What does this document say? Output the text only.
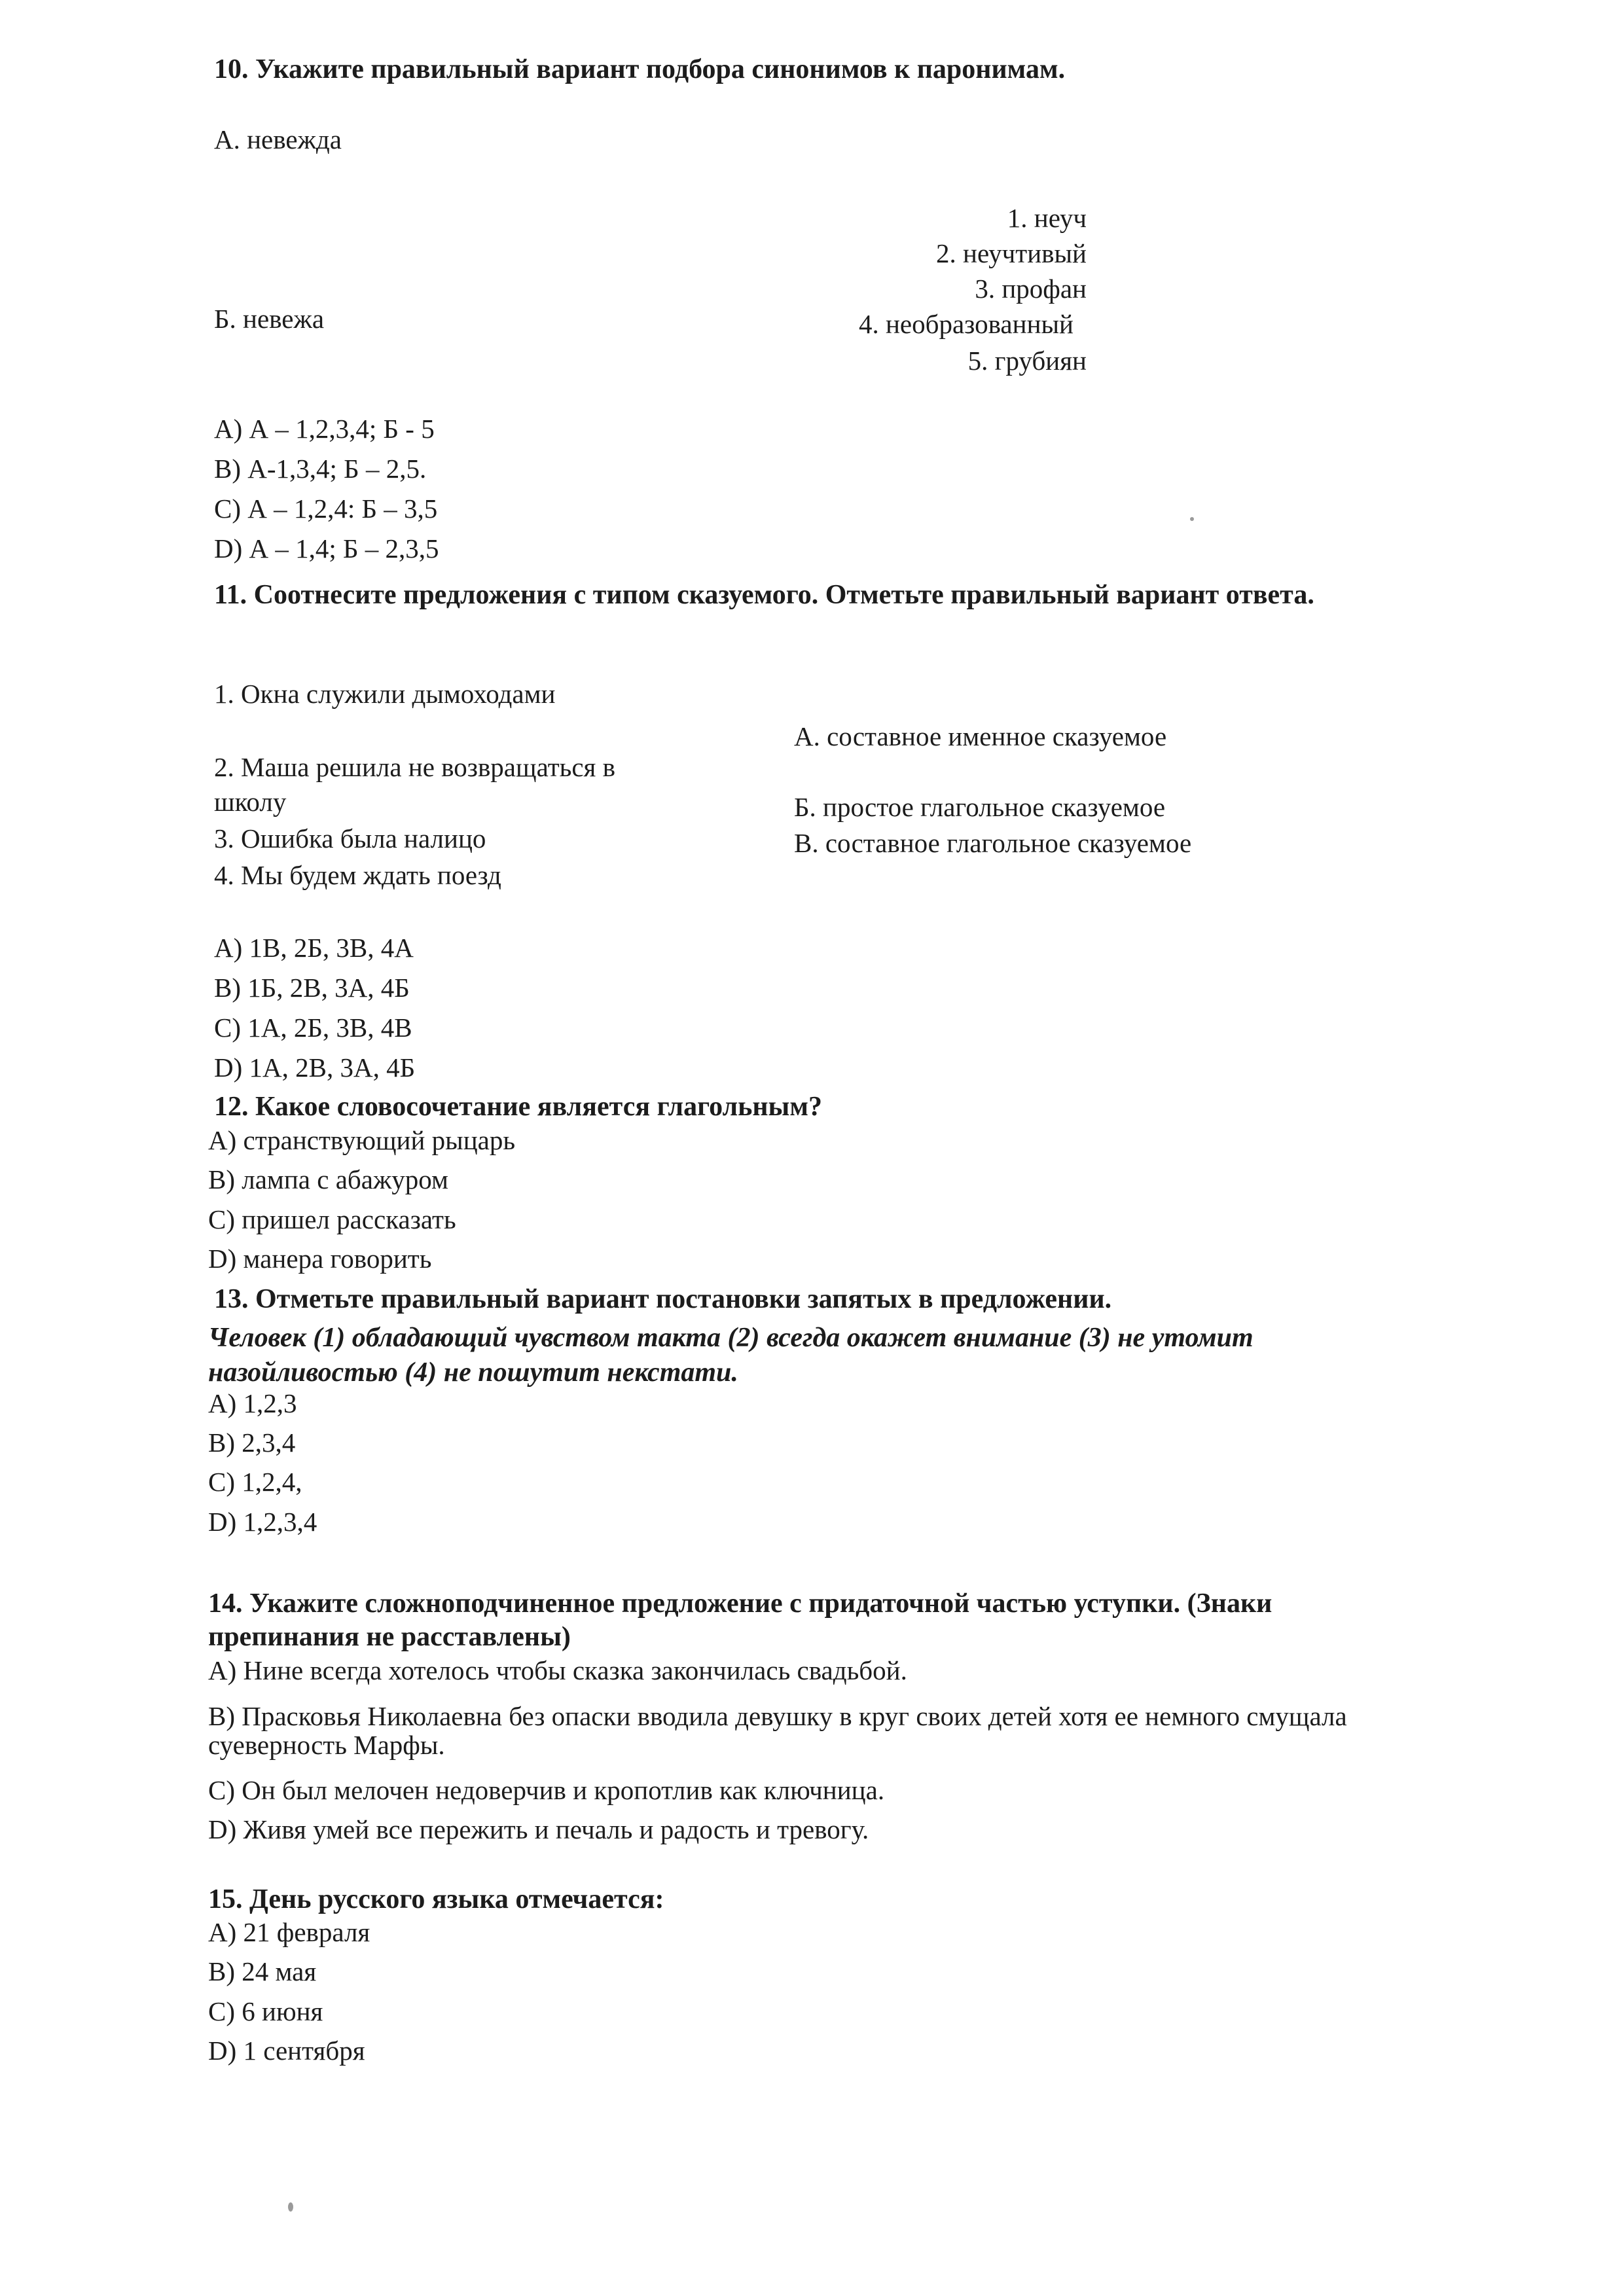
10. Укажите правильный вариант подбора синонимов к паронимам.
А. невежда
1. неуч
2. неучтивый
3. профан
Б. невежа	4. необразованный
5. грубиян
А) А – 1,2,3,4; Б - 5
В) А-1,3,4; Б – 2,5.
С) А – 1,2,4: Б – 3,5
D) А – 1,4; Б – 2,3,5
11. Соотнесите предложения с типом сказуемого. Отметьте правильный вариант ответа.
1. Окна служили дымоходами
А. составное именное сказуемое
2. Маша решила не возвращаться в
школу	Б. простое глагольное сказуемое
3. Ошибка была налицо	В. составное глагольное сказуемое
4. Мы будем ждать поезд
А) 1В, 2Б, 3В, 4А
В) 1Б, 2В, 3А, 4Б
С) 1А, 2Б, 3В, 4В
D) 1А, 2В, 3А, 4Б
12. Какое словосочетание является глагольным?
А) странствующий рыцарь
В) лампа с абажуром
С) пришел рассказать
D) манера говорить
13. Отметьте правильный вариант постановки запятых в предложении.
Человек (1) обладающий чувством такта (2) всегда окажет внимание (3) не утомит
назойливостью (4) не пошутит некстати.
А) 1,2,3
В) 2,3,4
С) 1,2,4,
D) 1,2,3,4
14. Укажите сложноподчиненное предложение с придаточной частью уступки. (Знаки
препинания не расставлены)
А) Нине всегда хотелось чтобы сказка закончилась свадьбой.
В) Прасковья Николаевна без опаски вводила девушку в круг своих детей хотя ее немного смущала
суеверность Марфы.
С) Он был мелочен недоверчив и кропотлив как ключница.
D) Живя умей все пережить и печаль и радость и тревогу.
15. День русского языка отмечается:
А) 21 февраля
В) 24 мая
С) 6 июня
D) 1 сентября
